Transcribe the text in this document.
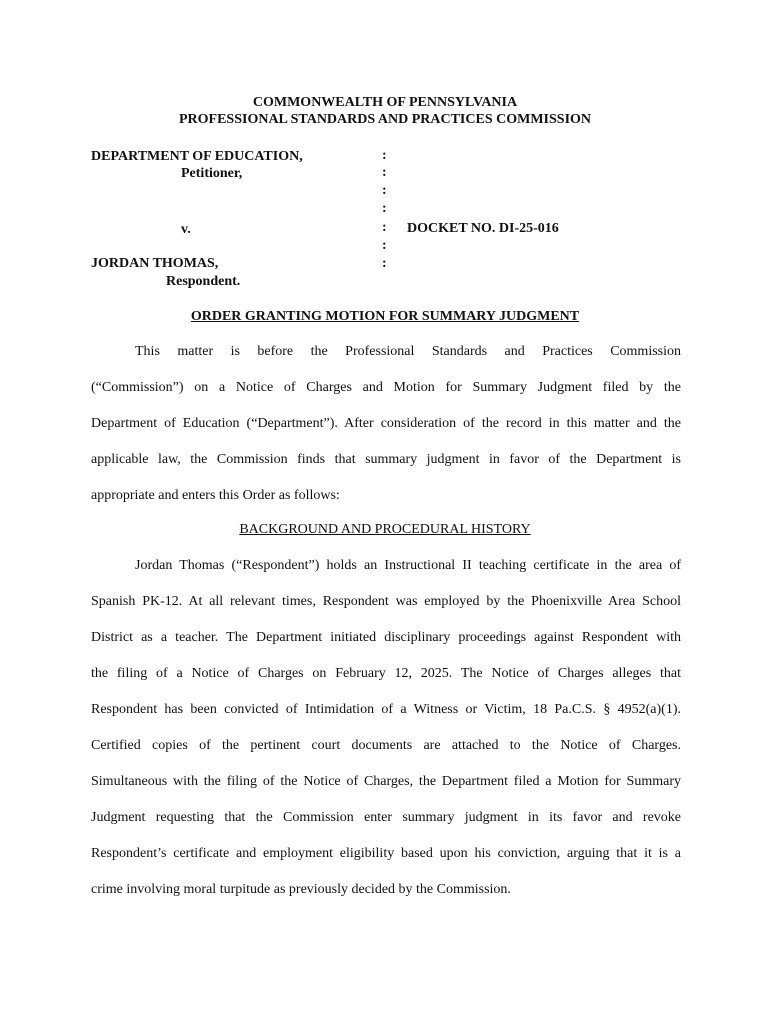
COMMONWEALTH OF PENNSYLVANIA
PROFESSIONAL STANDARDS AND PRACTICES COMMISSION
DEPARTMENT OF EDUCATION,
Petitioner,
v.
JORDAN THOMAS,
Respondent.
:
:
:
:
:
:
:
DOCKET NO. DI-25-016
ORDER GRANTING MOTION FOR SUMMARY JUDGMENT
This matter is before the Professional Standards and Practices Commission
(“Commission”) on a Notice of Charges and Motion for Summary Judgment filed by the
Department of Education (“Department”). After consideration of the record in this matter and the
applicable law, the Commission finds that summary judgment in favor of the Department is
appropriate and enters this Order as follows:
BACKGROUND AND PROCEDURAL HISTORY
Jordan Thomas (“Respondent”) holds an Instructional II teaching certificate in the area of
Spanish PK-12. At all relevant times, Respondent was employed by the Phoenixville Area School
District as a teacher. The Department initiated disciplinary proceedings against Respondent with
the filing of a Notice of Charges on February 12, 2025. The Notice of Charges alleges that
Respondent has been convicted of Intimidation of a Witness or Victim, 18 Pa.C.S. § 4952(a)(1).
Certified copies of the pertinent court documents are attached to the Notice of Charges.
Simultaneous with the filing of the Notice of Charges, the Department filed a Motion for Summary
Judgment requesting that the Commission enter summary judgment in its favor and revoke
Respondent’s certificate and employment eligibility based upon his conviction, arguing that it is a
crime involving moral turpitude as previously decided by the Commission.
